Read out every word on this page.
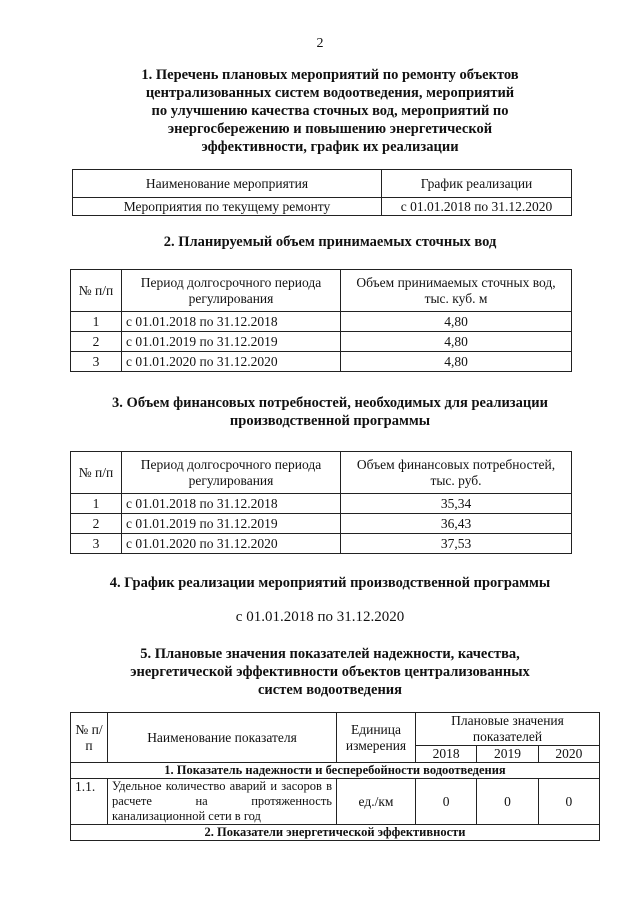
2
1. Перечень плановых мероприятий по ремонту объектов
централизованных систем водоотведения, мероприятий
по улучшению качества сточных вод, мероприятий по
энергосбережению и повышению энергетической
эффективности, график их реализации
Наименование мероприятия	График реализации
Мероприятия по текущему ремонту	с 01.01.2018 по 31.12.2020
2. Планируемый объем принимаемых сточных вод
№ п/п	Период долгосрочного периода регулирования	Объем принимаемых сточных вод, тыс. куб. м
1	с 01.01.2018 по 31.12.2018	4,80
2	с 01.01.2019 по 31.12.2019	4,80
3	с 01.01.2020 по 31.12.2020	4,80
3. Объем финансовых потребностей, необходимых для реализации
производственной программы
№ п/п	Период долгосрочного периода регулирования	Объем финансовых потребностей, тыс. руб.
1	с 01.01.2018 по 31.12.2018	35,34
2	с 01.01.2019 по 31.12.2019	36,43
3	с 01.01.2020 по 31.12.2020	37,53
4. График реализации мероприятий производственной программы
с 01.01.2018 по 31.12.2020
5. Плановые значения показателей надежности, качества,
энергетической эффективности объектов централизованных
систем водоотведения
№ п/п	Наименование показателя	Единица измерения	Плановые значения показателей		
			2018	2019	2020
1. Показатель надежности и бесперебойности водоотведения					
1.1.	Удельное количество аварий и засоров в расчете на протяженность канализационной сети в год	ед./км	0	0	0
2. Показатели энергетической эффективности					
